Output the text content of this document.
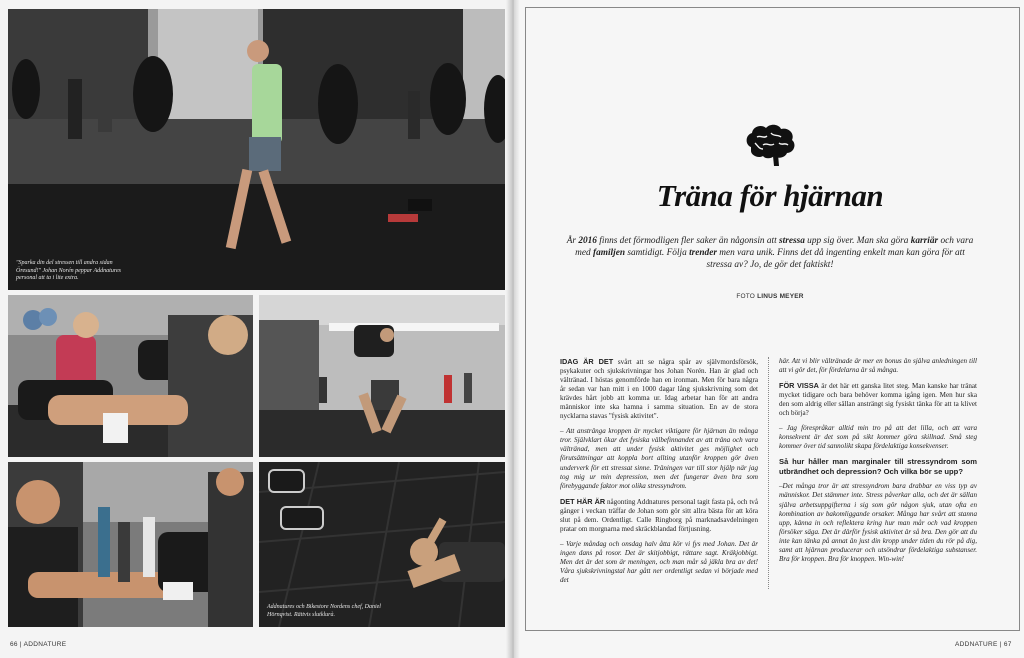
"Sparka din del stressen till andra sidan Öresund!" Johan Norén peppar Addnatures personal att ta i lite extra.
Addnatures och Bikestore Nordens chef, Daniel Hörnqvist. Rättvis slutklurà.
66 | ADDNATURE
Träna för hjärnan

År 2016 finns det förmodligen fler saker än någonsin att stressa upp sig över. Man ska göra karriär och vara med familjen samtidigt. Följa trender men vara unik. Finns det då ingenting enkelt man kan göra för att stressa av? Jo, de gör det faktiskt!

FOTO LINUS MEYER

IDAG ÄR DET svårt att se några spår av självmordsförsök, psykakuter och sjukskrivningar hos Johan Norén. Han är glad och vältränad. I höstas genomförde han en ironman. Men för bara några år sedan var han mitt i en 1000 dagar lång sjukskrivning som det krävdes hårt jobb att komma ur. Idag arbetar han för att andra människor inte ska hamna i samma situation. En av de stora nycklarna stavas "fysisk aktivitet".

– Att anstränga kroppen är mycket viktigare för hjärnan än många tror. Självklart ökar det fysiska välbefinnandet av att träna och vara vältränad, men att under fysisk aktivitet ges möjlighet och förutsättningar att koppla bort allting utanför kroppen gör även underverk för ett stressat sinne. Träningen var till stor hjälp när jag tog mig ur min depression, men det fungerar även bra som förebyggande faktor mot olika stressyndrom.

DET HÄR ÄR någonting Addnatures personal tagit fasta på, och två gånger i veckan träffar de Johan som gör sitt allra bästa för att köra slut på dem. Ordentligt. Calle Ringborg på marknadsavdelningen pratar om morgnarna med skräckblandad förtjusning.

– Varje måndag och onsdag halv åtta kör vi fys med Johan. Det är ingen dans på rosor. Det är skitjobbigt, rättare sagt. Kräkjobbigt. Men det är det som är meningen, och man mår så jäkla bra av det! Våra sjukskrivningstal har gått ner ordentligt sedan vi började med det

här. Att vi blir vältränade är mer en bonus än själva anledningen till att vi gör det, för fördelarna är så många.

FÖR VISSA är det här ett ganska litet steg. Man kanske har tränat mycket tidigare och bara behöver komma igång igen. Men hur ska den som aldrig eller sällan ansträngt sig fysiskt tänka för att ta klivet och börja?

– Jag förespråkar alltid min tro på att det lilla, och att vara konsekvent är det som på sikt kommer göra skillnad. Små steg kommer över tid sannolikt skapa fördelaktiga konsekvenser.

Så hur håller man marginaler till stressyndrom som utbrändhet och depression? Och vilka bör se upp?

–Det många tror är att stressyndrom bara drabbar en viss typ av människor. Det stämmer inte. Stress påverkar alla, och det är sällan själva arbetsuppgifterna i sig som gör någon sjuk, utan ofta en kombination av bakomliggande orsaker. Många har svårt att stanna upp, känna in och reflektera kring hur man mår och vad kroppen försöker säga. Det är därför fysisk aktivitet är så bra. Den gör att du inte kan tänka på annat än just din kropp under tiden du rör på dig, samt att hjärnan producerar och utsöndrar fördelaktiga substanser. Bra för kroppen. Bra för knoppen. Win-win!

ADDNATURE | 67
